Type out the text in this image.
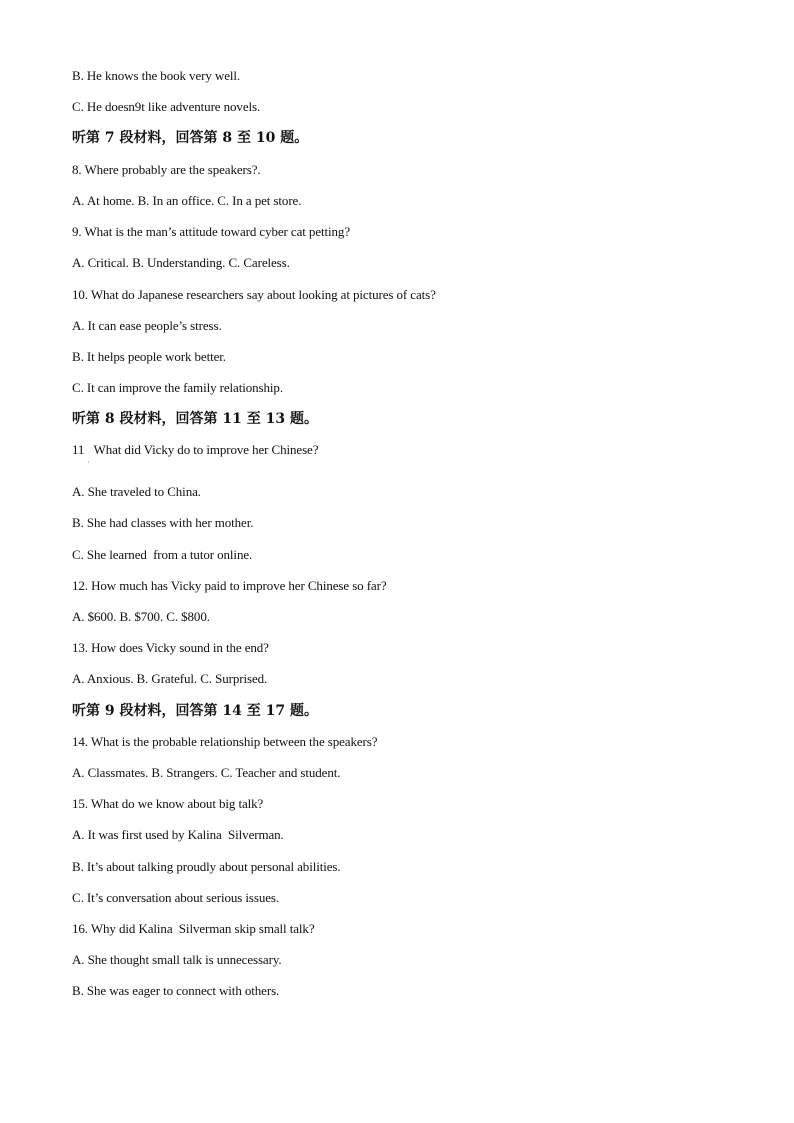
B. He knows the book very well.
C. He doesn9t like adventure novels.
听第 7 段材料，回答第 8 至 10 题。
8. Where probably are the speakers?.
A. At home. B. In an office. C. In a pet store.
9. What is the man’s attitude toward cyber cat petting?
A. Critical. B. Understanding. C. Careless.
10. What do Japanese researchers say about looking at pictures of cats?
A. It can ease people’s stress.
B. It helps people work better.
C. It can improve the family relationship.
听第 8 段材料，回答第 11 至 13 题。
11   What did Vicky do to improve her Chinese?
·
A. She traveled to China.
B. She had classes with her mother.
C. She learned  from a tutor online.
12. How much has Vicky paid to improve her Chinese so far?
A. $600. B. $700. C. $800.
13. How does Vicky sound in the end?
A. Anxious. B. Grateful. C. Surprised.
听第 9 段材料，回答第 14 至 17 题。
14. What is the probable relationship between the speakers?
A. Classmates. B. Strangers. C. Teacher and student.
15. What do we know about big talk?
A. It was first used by Kalina  Silverman.
B. It’s about talking proudly about personal abilities.
C. It’s conversation about serious issues.
16. Why did Kalina  Silverman skip small talk?
A. She thought small talk is unnecessary.
B. She was eager to connect with others.
